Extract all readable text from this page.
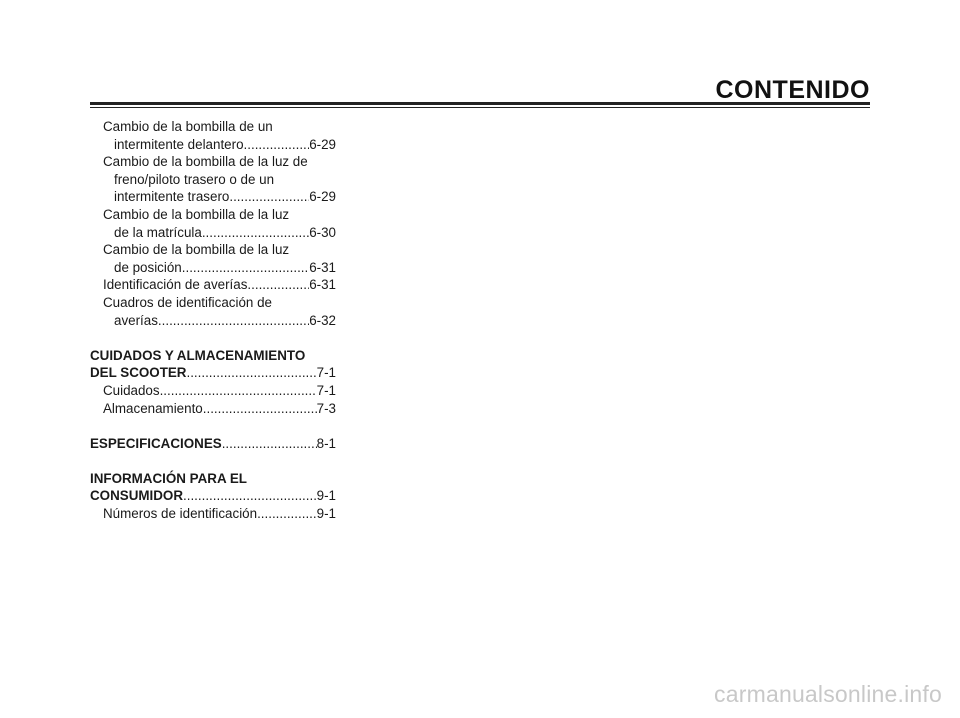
CONTENIDO
Cambio de la bombilla de un
intermitente delantero .....	6-29
Cambio de la bombilla de la luz de
freno/piloto trasero o de un
intermitente trasero .....	6-29
Cambio de la bombilla de la luz
de la matrícula .....	6-30
Cambio de la bombilla de la luz
de posición .....	6-31
Identificación de averías .....	6-31
Cuadros de identificación de
averías .....	6-32
CUIDADOS Y ALMACENAMIENTO
DEL SCOOTER .....	7-1
Cuidados .....	7-1
Almacenamiento .....	7-3
ESPECIFICACIONES .....	8-1
INFORMACIÓN PARA EL
CONSUMIDOR .....	9-1
Números de identificación .....	9-1
carmanualsonline.info
